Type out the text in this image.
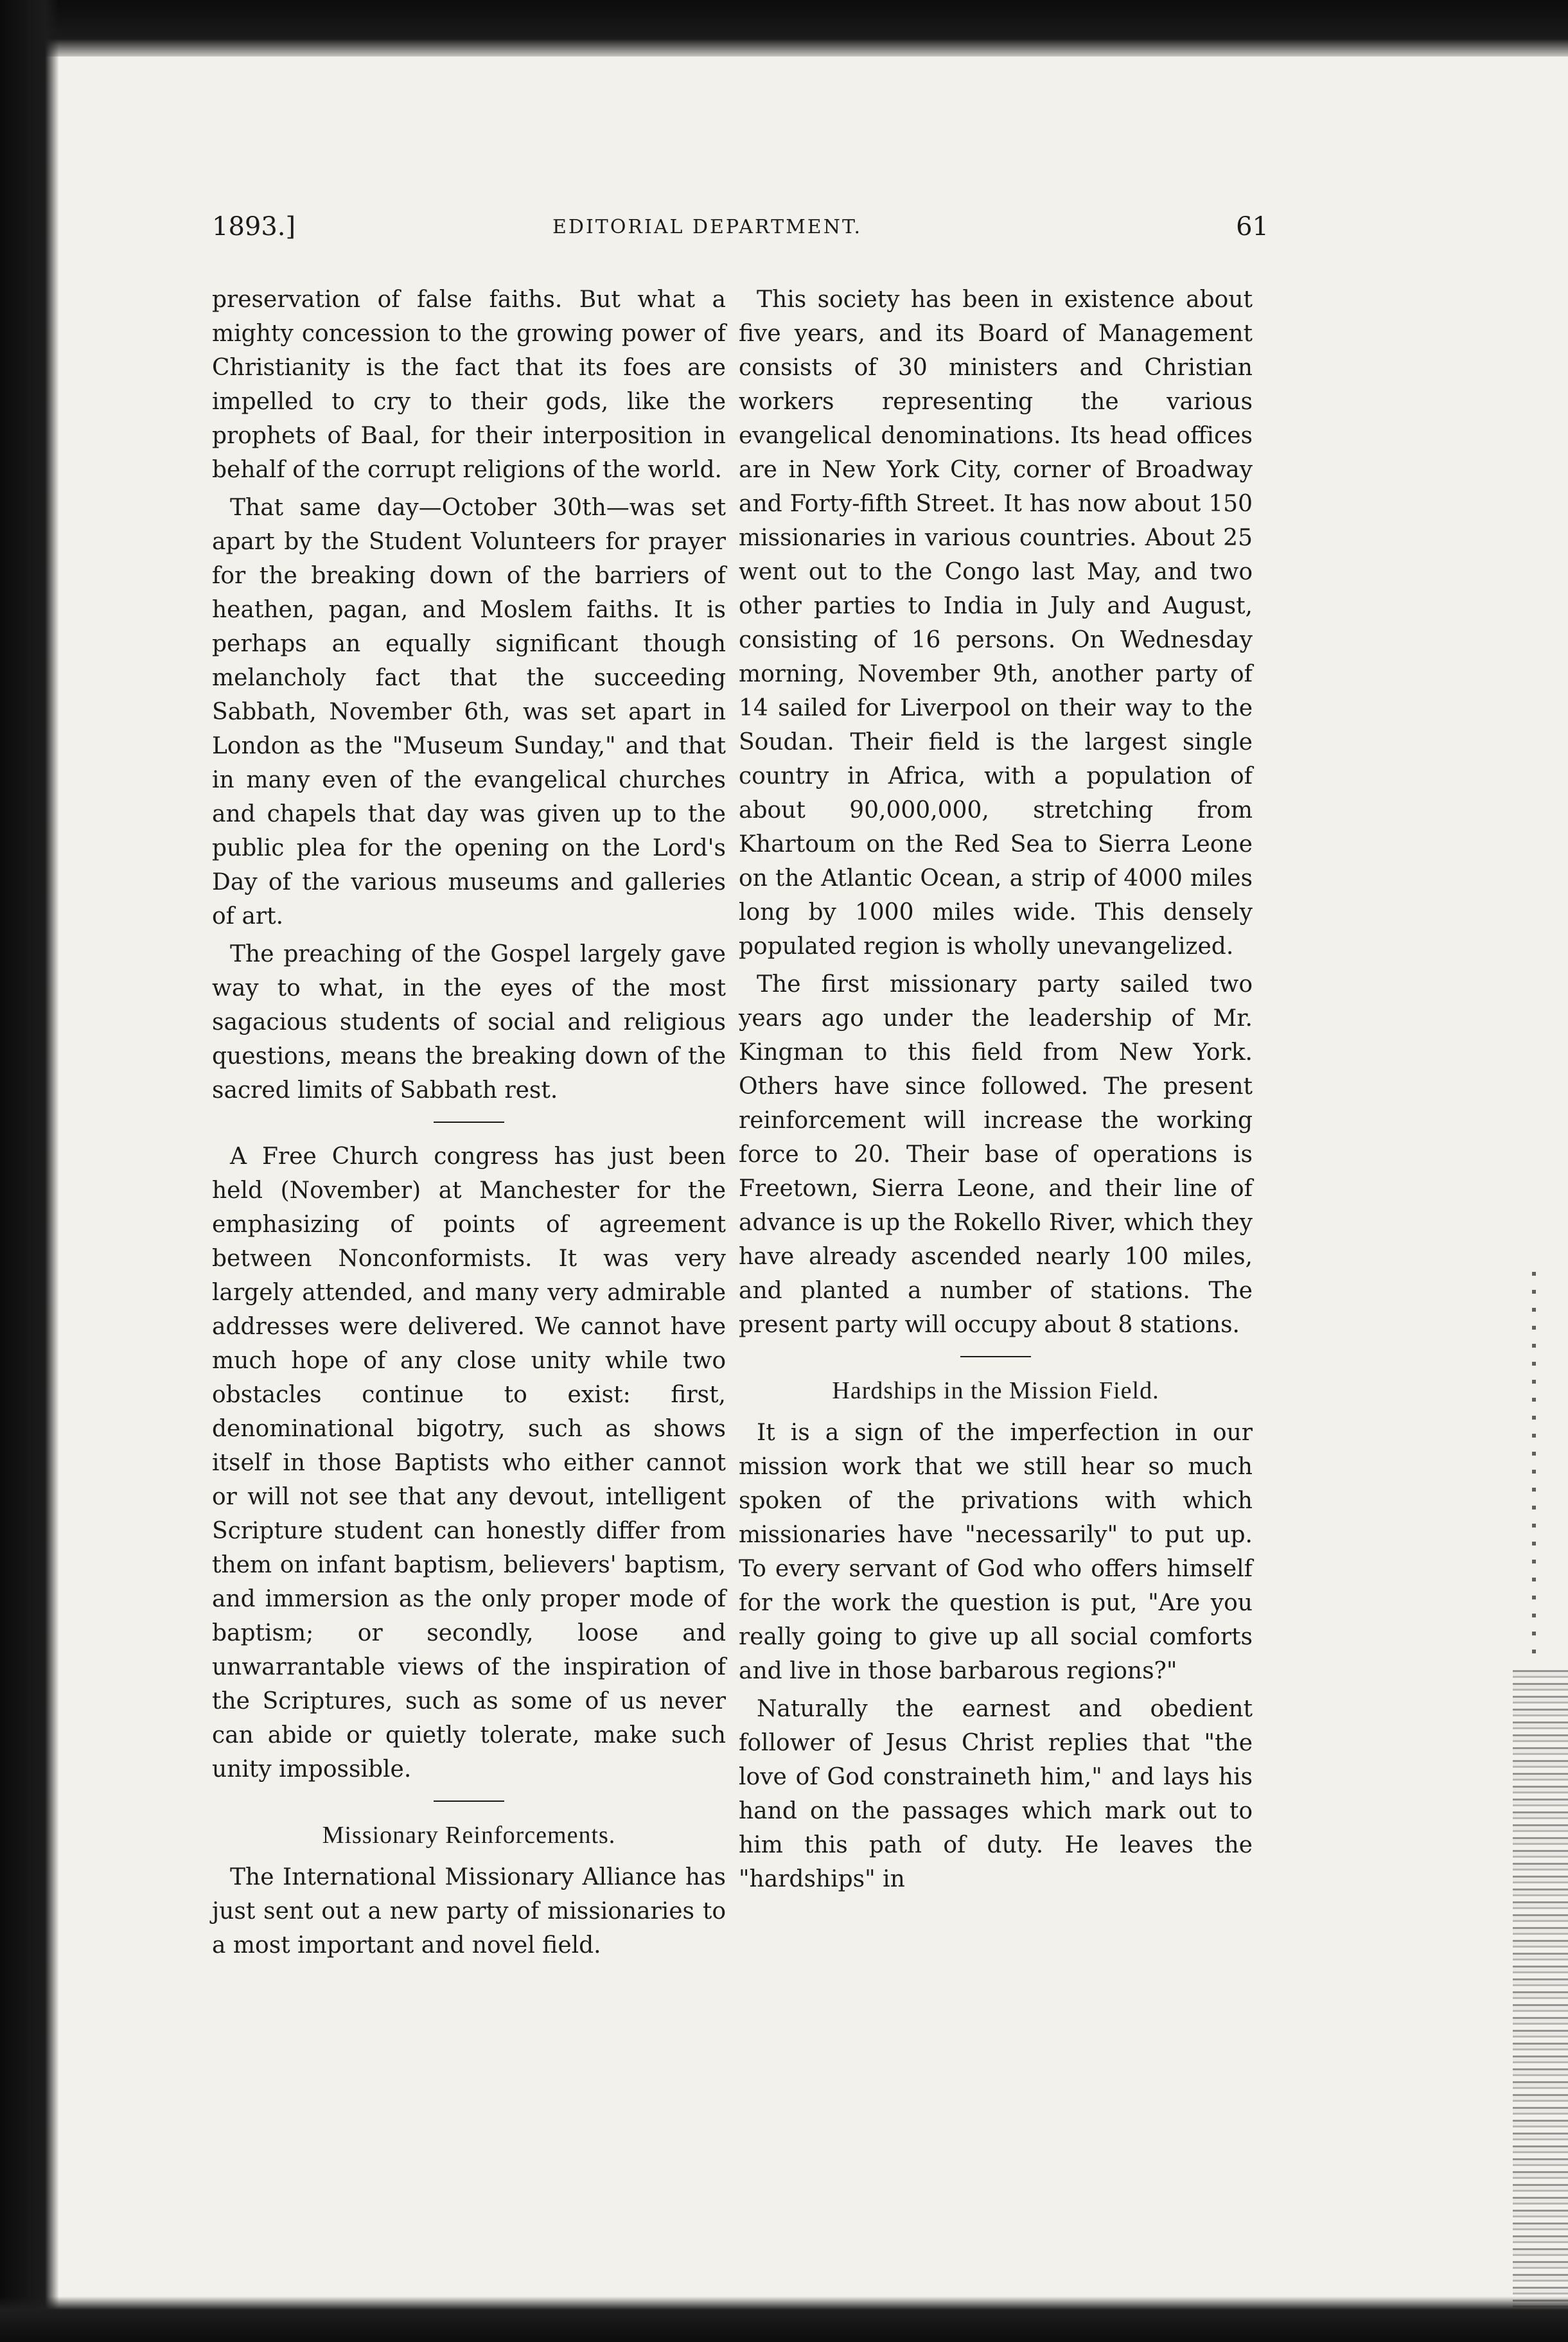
1893.]	EDITORIAL DEPARTMENT.	61

preservation of false faiths. But what a mighty concession to the growing power of Christianity is the fact that its foes are impelled to cry to their gods, like the prophets of Baal, for their interposition in behalf of the corrupt religions of the world.

That same day—October 30th—was set apart by the Student Volunteers for prayer for the breaking down of the barriers of heathen, pagan, and Moslem faiths. It is perhaps an equally significant though melancholy fact that the succeeding Sabbath, November 6th, was set apart in London as the "Museum Sunday," and that in many even of the evangelical churches and chapels that day was given up to the public plea for the opening on the Lord's Day of the various museums and galleries of art.

The preaching of the Gospel largely gave way to what, in the eyes of the most sagacious students of social and religious questions, means the breaking down of the sacred limits of Sabbath rest.

A Free Church congress has just been held (November) at Manchester for the emphasizing of points of agreement between Nonconformists. It was very largely attended, and many very admirable addresses were delivered. We cannot have much hope of any close unity while two obstacles continue to exist: first, denominational bigotry, such as shows itself in those Baptists who either cannot or will not see that any devout, intelligent Scripture student can honestly differ from them on infant baptism, believers' baptism, and immersion as the only proper mode of baptism; or secondly, loose and unwarrantable views of the inspiration of the Scriptures, such as some of us never can abide or quietly tolerate, make such unity impossible.

Missionary Reinforcements.

The International Missionary Alliance has just sent out a new party of missionaries to a most important and novel field.

This society has been in existence about five years, and its Board of Management consists of 30 ministers and Christian workers representing the various evangelical denominations. Its head offices are in New York City, corner of Broadway and Forty-fifth Street. It has now about 150 missionaries in various countries. About 25 went out to the Congo last May, and two other parties to India in July and August, consisting of 16 persons. On Wednesday morning, November 9th, another party of 14 sailed for Liverpool on their way to the Soudan. Their field is the largest single country in Africa, with a population of about 90,000,000, stretching from Khartoum on the Red Sea to Sierra Leone on the Atlantic Ocean, a strip of 4000 miles long by 1000 miles wide. This densely populated region is wholly unevangelized.

The first missionary party sailed two years ago under the leadership of Mr. Kingman to this field from New York. Others have since followed. The present reinforcement will increase the working force to 20. Their base of operations is Freetown, Sierra Leone, and their line of advance is up the Rokello River, which they have already ascended nearly 100 miles, and planted a number of stations. The present party will occupy about 8 stations.

Hardships in the Mission Field.

It is a sign of the imperfection in our mission work that we still hear so much spoken of the privations with which missionaries have "necessarily" to put up. To every servant of God who offers himself for the work the question is put, "Are you really going to give up all social comforts and live in those barbarous regions?"

Naturally the earnest and obedient follower of Jesus Christ replies that "the love of God constraineth him," and lays his hand on the passages which mark out to him this path of duty. He leaves the "hardships" in
